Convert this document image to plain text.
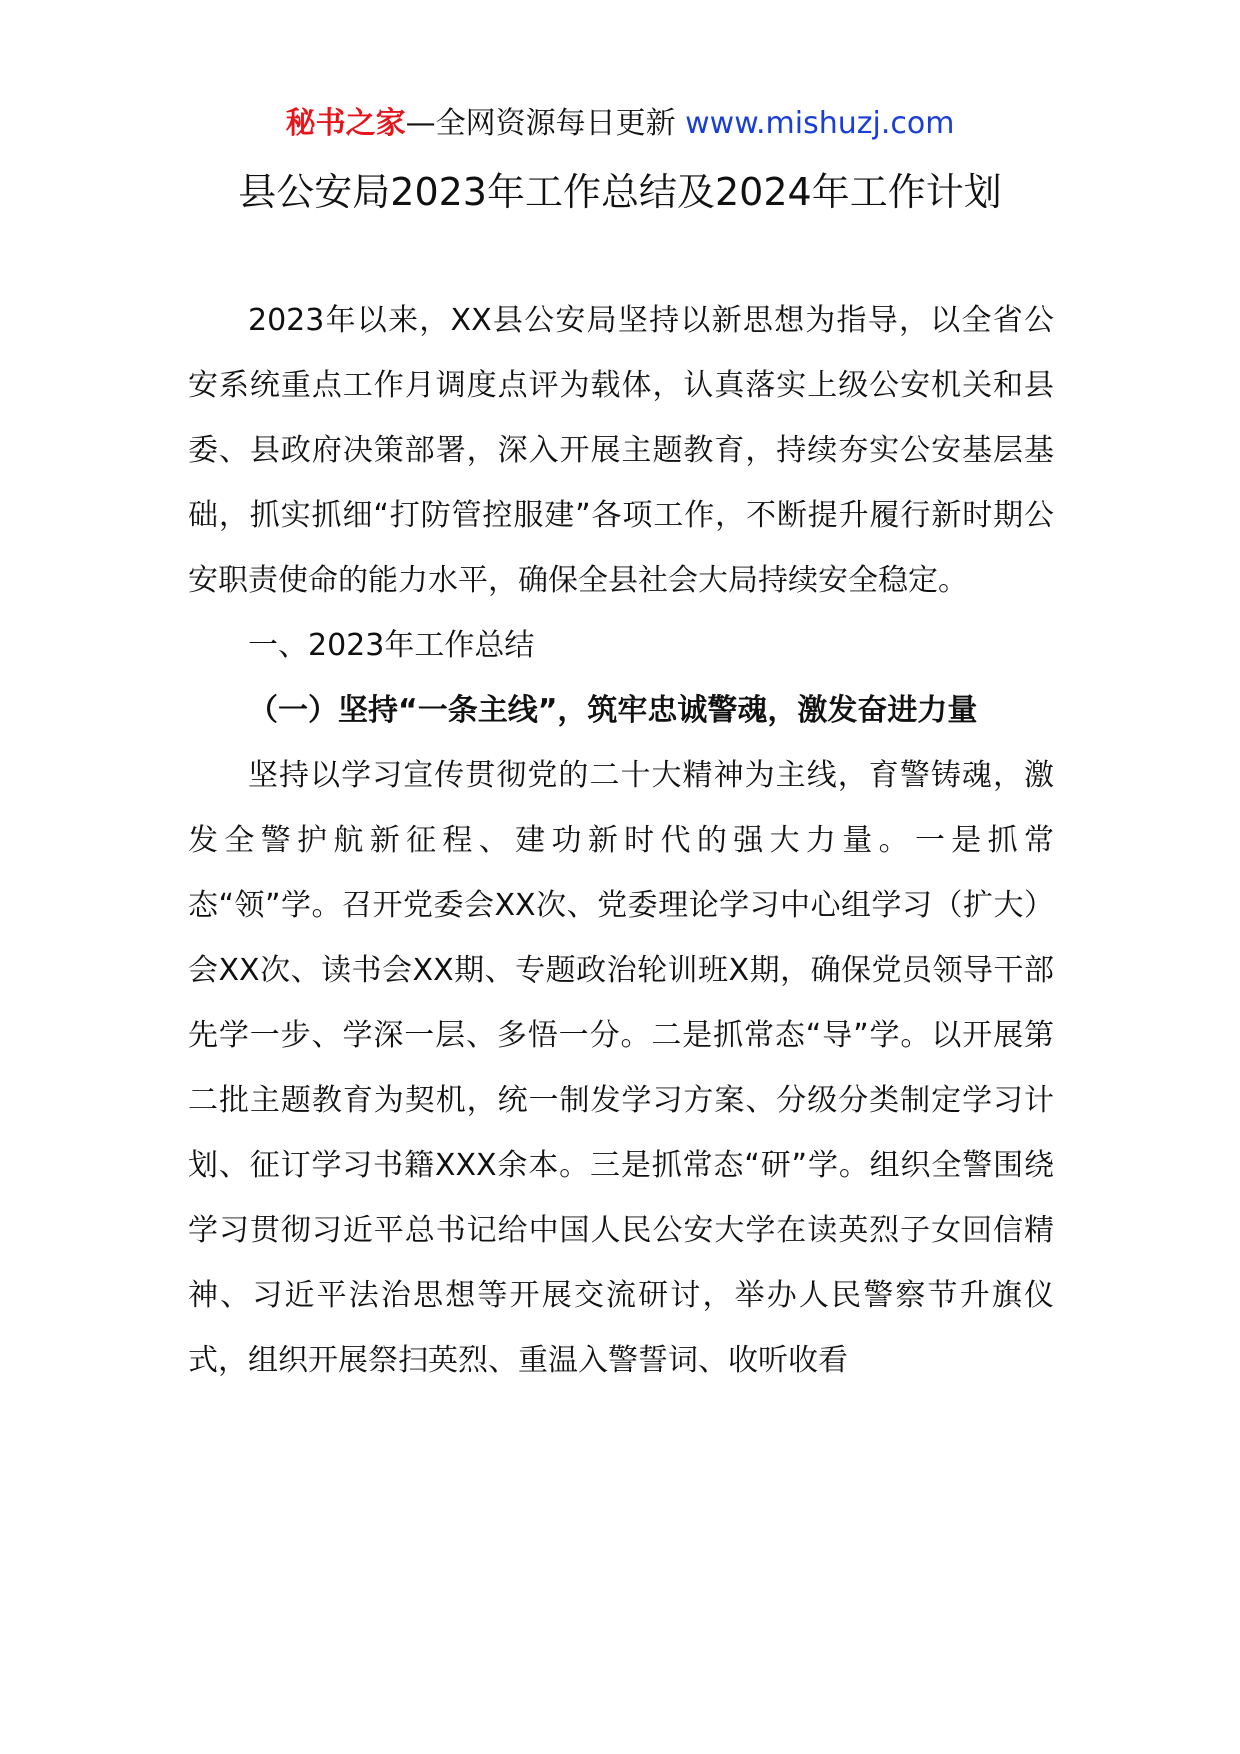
秘书之家—全网资源每日更新 www.mishuzj.com
县公安局2023年工作总结及2024年工作计划

2023年以来，XX县公安局坚持以新思想为指导，以全省公安系统重点工作月调度点评为载体，认真落实上级公安机关和县委、县政府决策部署，深入开展主题教育，持续夯实公安基层基础，抓实抓细“打防管控服建”各项工作，不断提升履行新时期公安职责使命的能力水平，确保全县社会大局持续安全稳定。

一、2023年工作总结

（一）坚持“一条主线”，筑牢忠诚警魂，激发奋进力量

坚持以学习宣传贯彻党的二十大精神为主线，育警铸魂，激发全警护航新征程、建功新时代的强大力量。一是抓常态“领”学。召开党委会XX次、党委理论学习中心组学习（扩大）会XX次、读书会XX期、专题政治轮训班X期，确保党员领导干部先学一步、学深一层、多悟一分。二是抓常态“导”学。以开展第二批主题教育为契机，统一制发学习方案、分级分类制定学习计划、征订学习书籍XXX余本。三是抓常态“研”学。组织全警围绕学习贯彻习近平总书记给中国人民公安大学在读英烈子女回信精神、习近平法治思想等开展交流研讨，举办人民警察节升旗仪式，组织开展祭扫英烈、重温入警誓词、收听收看
